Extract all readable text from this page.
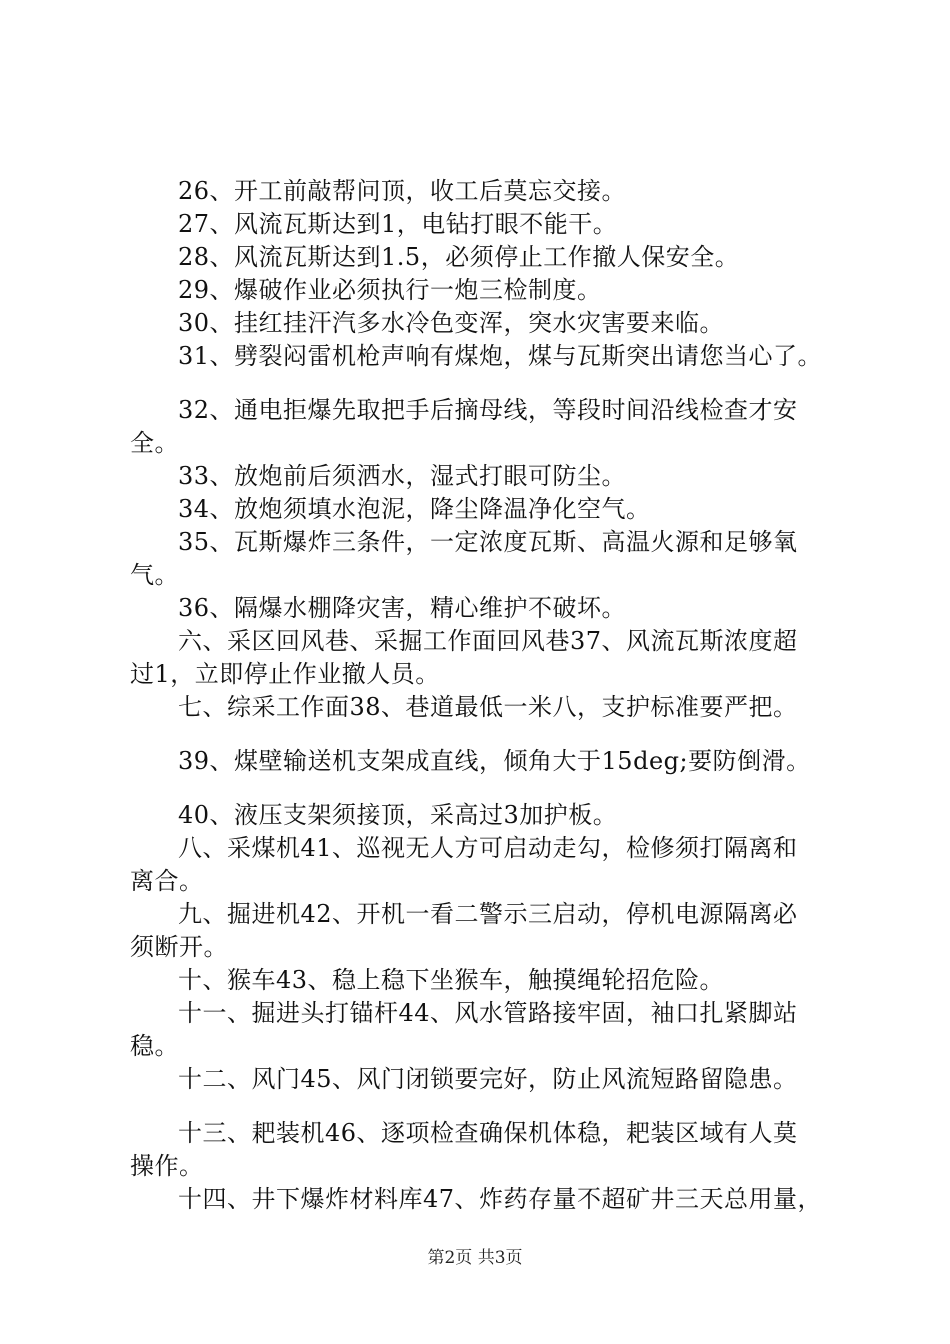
26、开工前敲帮问顶，收工后莫忘交接。
27、风流瓦斯达到1，电钻打眼不能干。
28、风流瓦斯达到1.5，必须停止工作撤人保安全。
29、爆破作业必须执行一炮三检制度。
30、挂红挂汗汽多水冷色变浑，突水灾害要来临。
31、劈裂闷雷机枪声响有煤炮，煤与瓦斯突出请您当心了。
32、通电拒爆先取把手后摘母线，等段时间沿线检查才安
全。
33、放炮前后须洒水，湿式打眼可防尘。
34、放炮须填水泡泥，降尘降温净化空气。
35、瓦斯爆炸三条件，一定浓度瓦斯、高温火源和足够氧
气。
36、隔爆水棚降灾害，精心维护不破坏。
六、采区回风巷、采掘工作面回风巷37、风流瓦斯浓度超
过1，立即停止作业撤人员。
七、综采工作面38、巷道最低一米八，支护标准要严把。
39、煤壁输送机支架成直线，倾角大于15deg;要防倒滑。
40、液压支架须接顶，采高过3加护板。
八、采煤机41、巡视无人方可启动走勾，检修须打隔离和
离合。
九、掘进机42、开机一看二警示三启动，停机电源隔离必
须断开。
十、猴车43、稳上稳下坐猴车，触摸绳轮招危险。
十一、掘进头打锚杆44、风水管路接牢固，袖口扎紧脚站
稳。
十二、风门45、风门闭锁要完好，防止风流短路留隐患。
十三、耙装机46、逐项检查确保机体稳，耙装区域有人莫
操作。
十四、井下爆炸材料库47、炸药存量不超矿井三天总用量，
第2页 共3页
